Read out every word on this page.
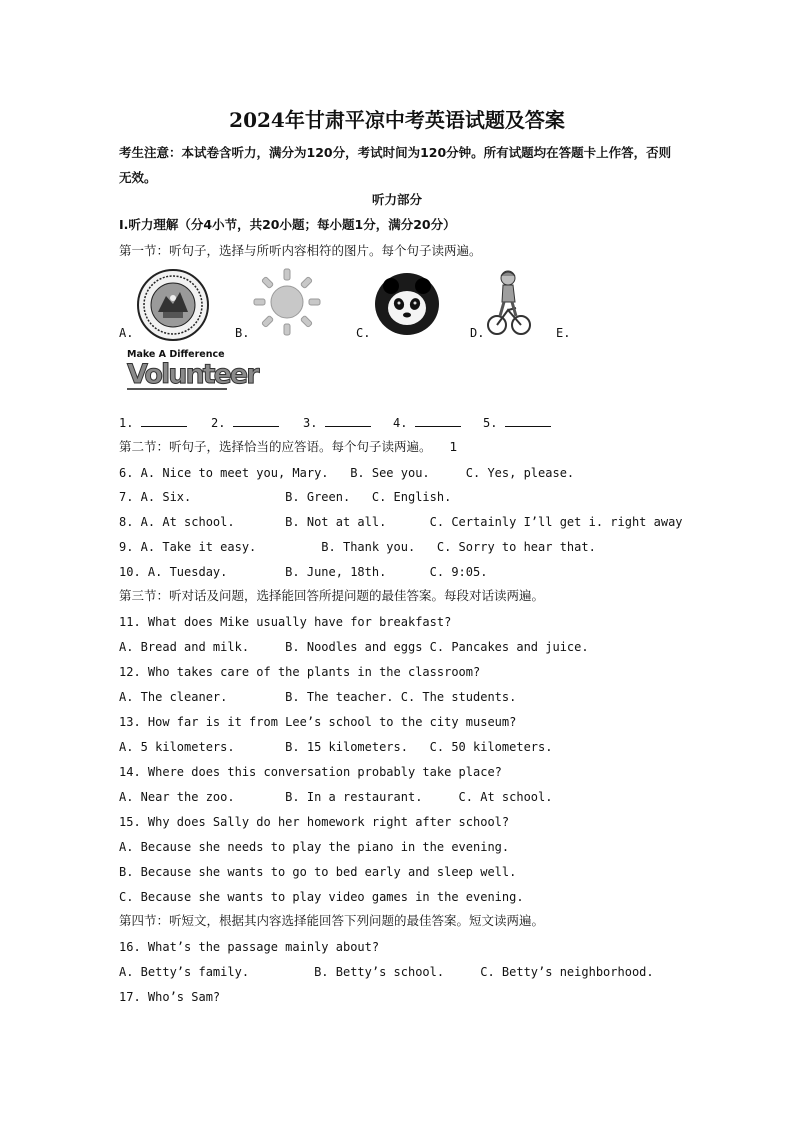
2024年甘肃平凉中考英语试题及答案
考生注意：本试卷含听力，满分为120分，考试时间为120分钟。所有试题均在答题卡上作答，否则无效。
听力部分
Ⅰ.听力理解（分4小节，共20小题；每小题1分，满分20分）
第一节：听句子，选择与所听内容相符的图片。每个句子读两遍。
A.	B.	C.	D.	E.
Make A Difference
Volunteer
1.	2.	3.	4.	5.
第二节：听句子，选择恰当的应答语。每个句子读两遍。 1
6. A. Nice to meet you, Mary.   B. See you.     C. Yes, please.
7. A. Six.             B. Green.   C. English.
8. A. At school.       B. Not at all.      C. Certainly I’ll get i. right away
9. A. Take it easy.         B. Thank you.   C. Sorry to hear that.
10. A. Tuesday.        B. June, 18th.      C. 9:05.
第三节：听对话及问题，选择能回答所提问题的最佳答案。每段对话读两遍。
11. What does Mike usually have for breakfast?
A. Bread and milk.     B. Noodles and eggs C. Pancakes and juice.
12. Who takes care of the plants in the classroom?
A. The cleaner.        B. The teacher. C. The students.
13. How far is it from Lee’s school to the city museum?
A. 5 kilometers.       B. 15 kilometers.   C. 50 kilometers.
14. Where does this conversation probably take place?
A. Near the zoo.       B. In a restaurant.     C. At school.
15. Why does Sally do her homework right after school?
A. Because she needs to play the piano in the evening.
B. Because she wants to go to bed early and sleep well.
C. Because she wants to play video games in the evening.
第四节：听短文，根据其内容选择能回答下列问题的最佳答案。短文读两遍。
16. What’s the passage mainly about?
A. Betty’s family.         B. Betty’s school.     C. Betty’s neighborhood.
17. Who’s Sam?
